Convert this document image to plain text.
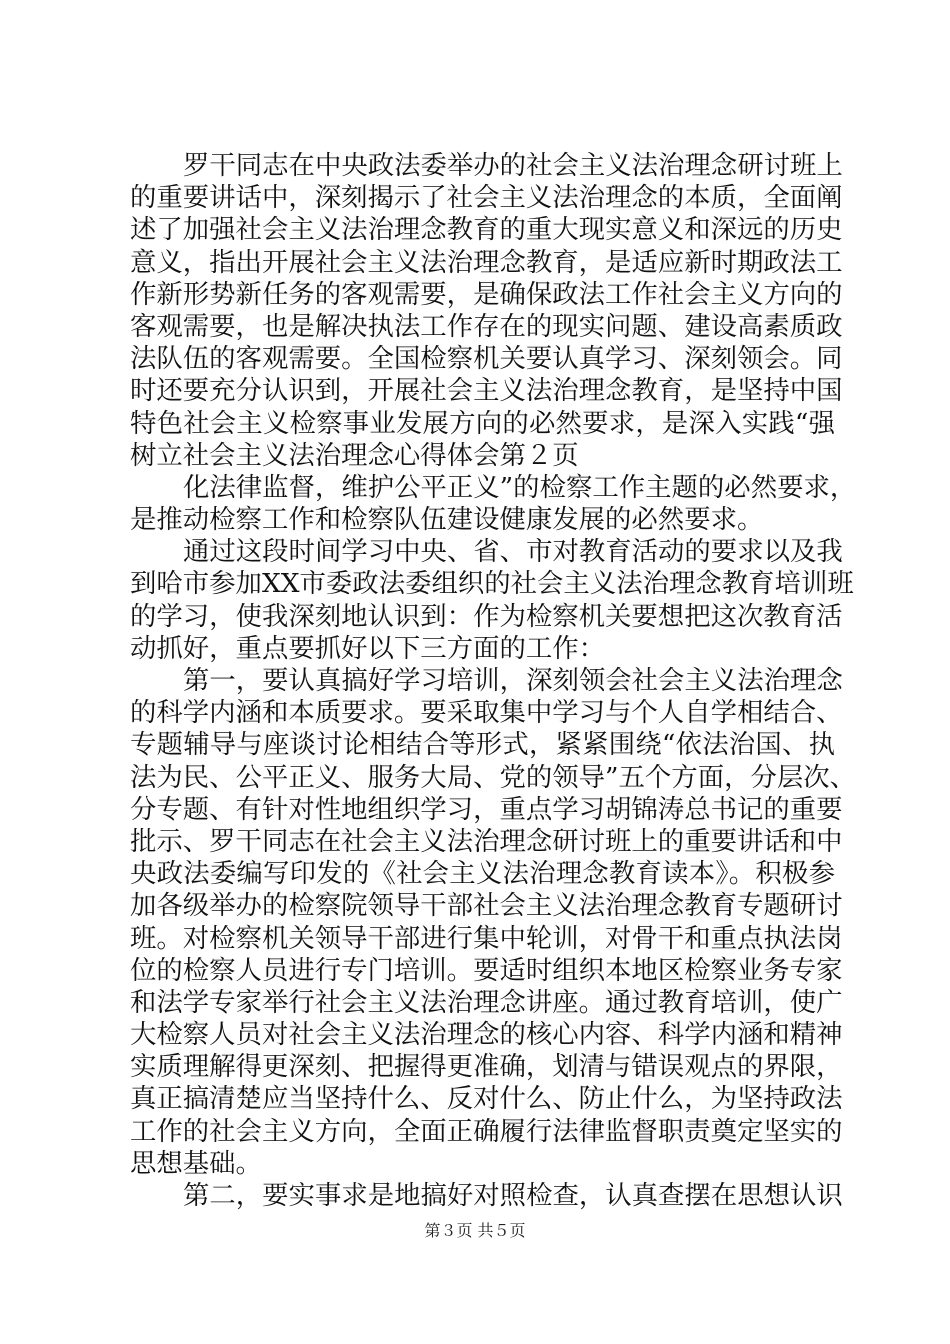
罗干同志在中央政法委举办的社会主义法治理念研讨班上
的重要讲话中，深刻揭示了社会主义法治理念的本质，全面阐
述了加强社会主义法治理念教育的重大现实意义和深远的历史
意义，指出开展社会主义法治理念教育，是适应新时期政法工
作新形势新任务的客观需要，是确保政法工作社会主义方向的
客观需要，也是解决执法工作存在的现实问题、建设高素质政
法队伍的客观需要。全国检察机关要认真学习、深刻领会。同
时还要充分认识到，开展社会主义法治理念教育，是坚持中国
特色社会主义检察事业发展方向的必然要求，是深入实践“强
树立社会主义法治理念心得体会第２页
化法律监督，维护公平正义”的检察工作主题的必然要求，
是推动检察工作和检察队伍建设健康发展的必然要求。
通过这段时间学习中央、省、市对教育活动的要求以及我
到哈市参加XX市委政法委组织的社会主义法治理念教育培训班
的学习，使我深刻地认识到：作为检察机关要想把这次教育活
动抓好，重点要抓好以下三方面的工作：
第一，要认真搞好学习培训，深刻领会社会主义法治理念
的科学内涵和本质要求。要采取集中学习与个人自学相结合、
专题辅导与座谈讨论相结合等形式，紧紧围绕“依法治国、执
法为民、公平正义、服务大局、党的领导”五个方面，分层次、
分专题、有针对性地组织学习，重点学习胡锦涛总书记的重要
批示、罗干同志在社会主义法治理念研讨班上的重要讲话和中
央政法委编写印发的《社会主义法治理念教育读本》。积极参
加各级举办的检察院领导干部社会主义法治理念教育专题研讨
班。对检察机关领导干部进行集中轮训，对骨干和重点执法岗
位的检察人员进行专门培训。要适时组织本地区检察业务专家
和法学专家举行社会主义法治理念讲座。通过教育培训，使广
大检察人员对社会主义法治理念的核心内容、科学内涵和精神
实质理解得更深刻、把握得更准确，划清与错误观点的界限，
真正搞清楚应当坚持什么、反对什么、防止什么，为坚持政法
工作的社会主义方向，全面正确履行法律监督职责奠定坚实的
思想基础。
第二，要实事求是地搞好对照检查，认真查摆在思想认识
第３页 共５页
